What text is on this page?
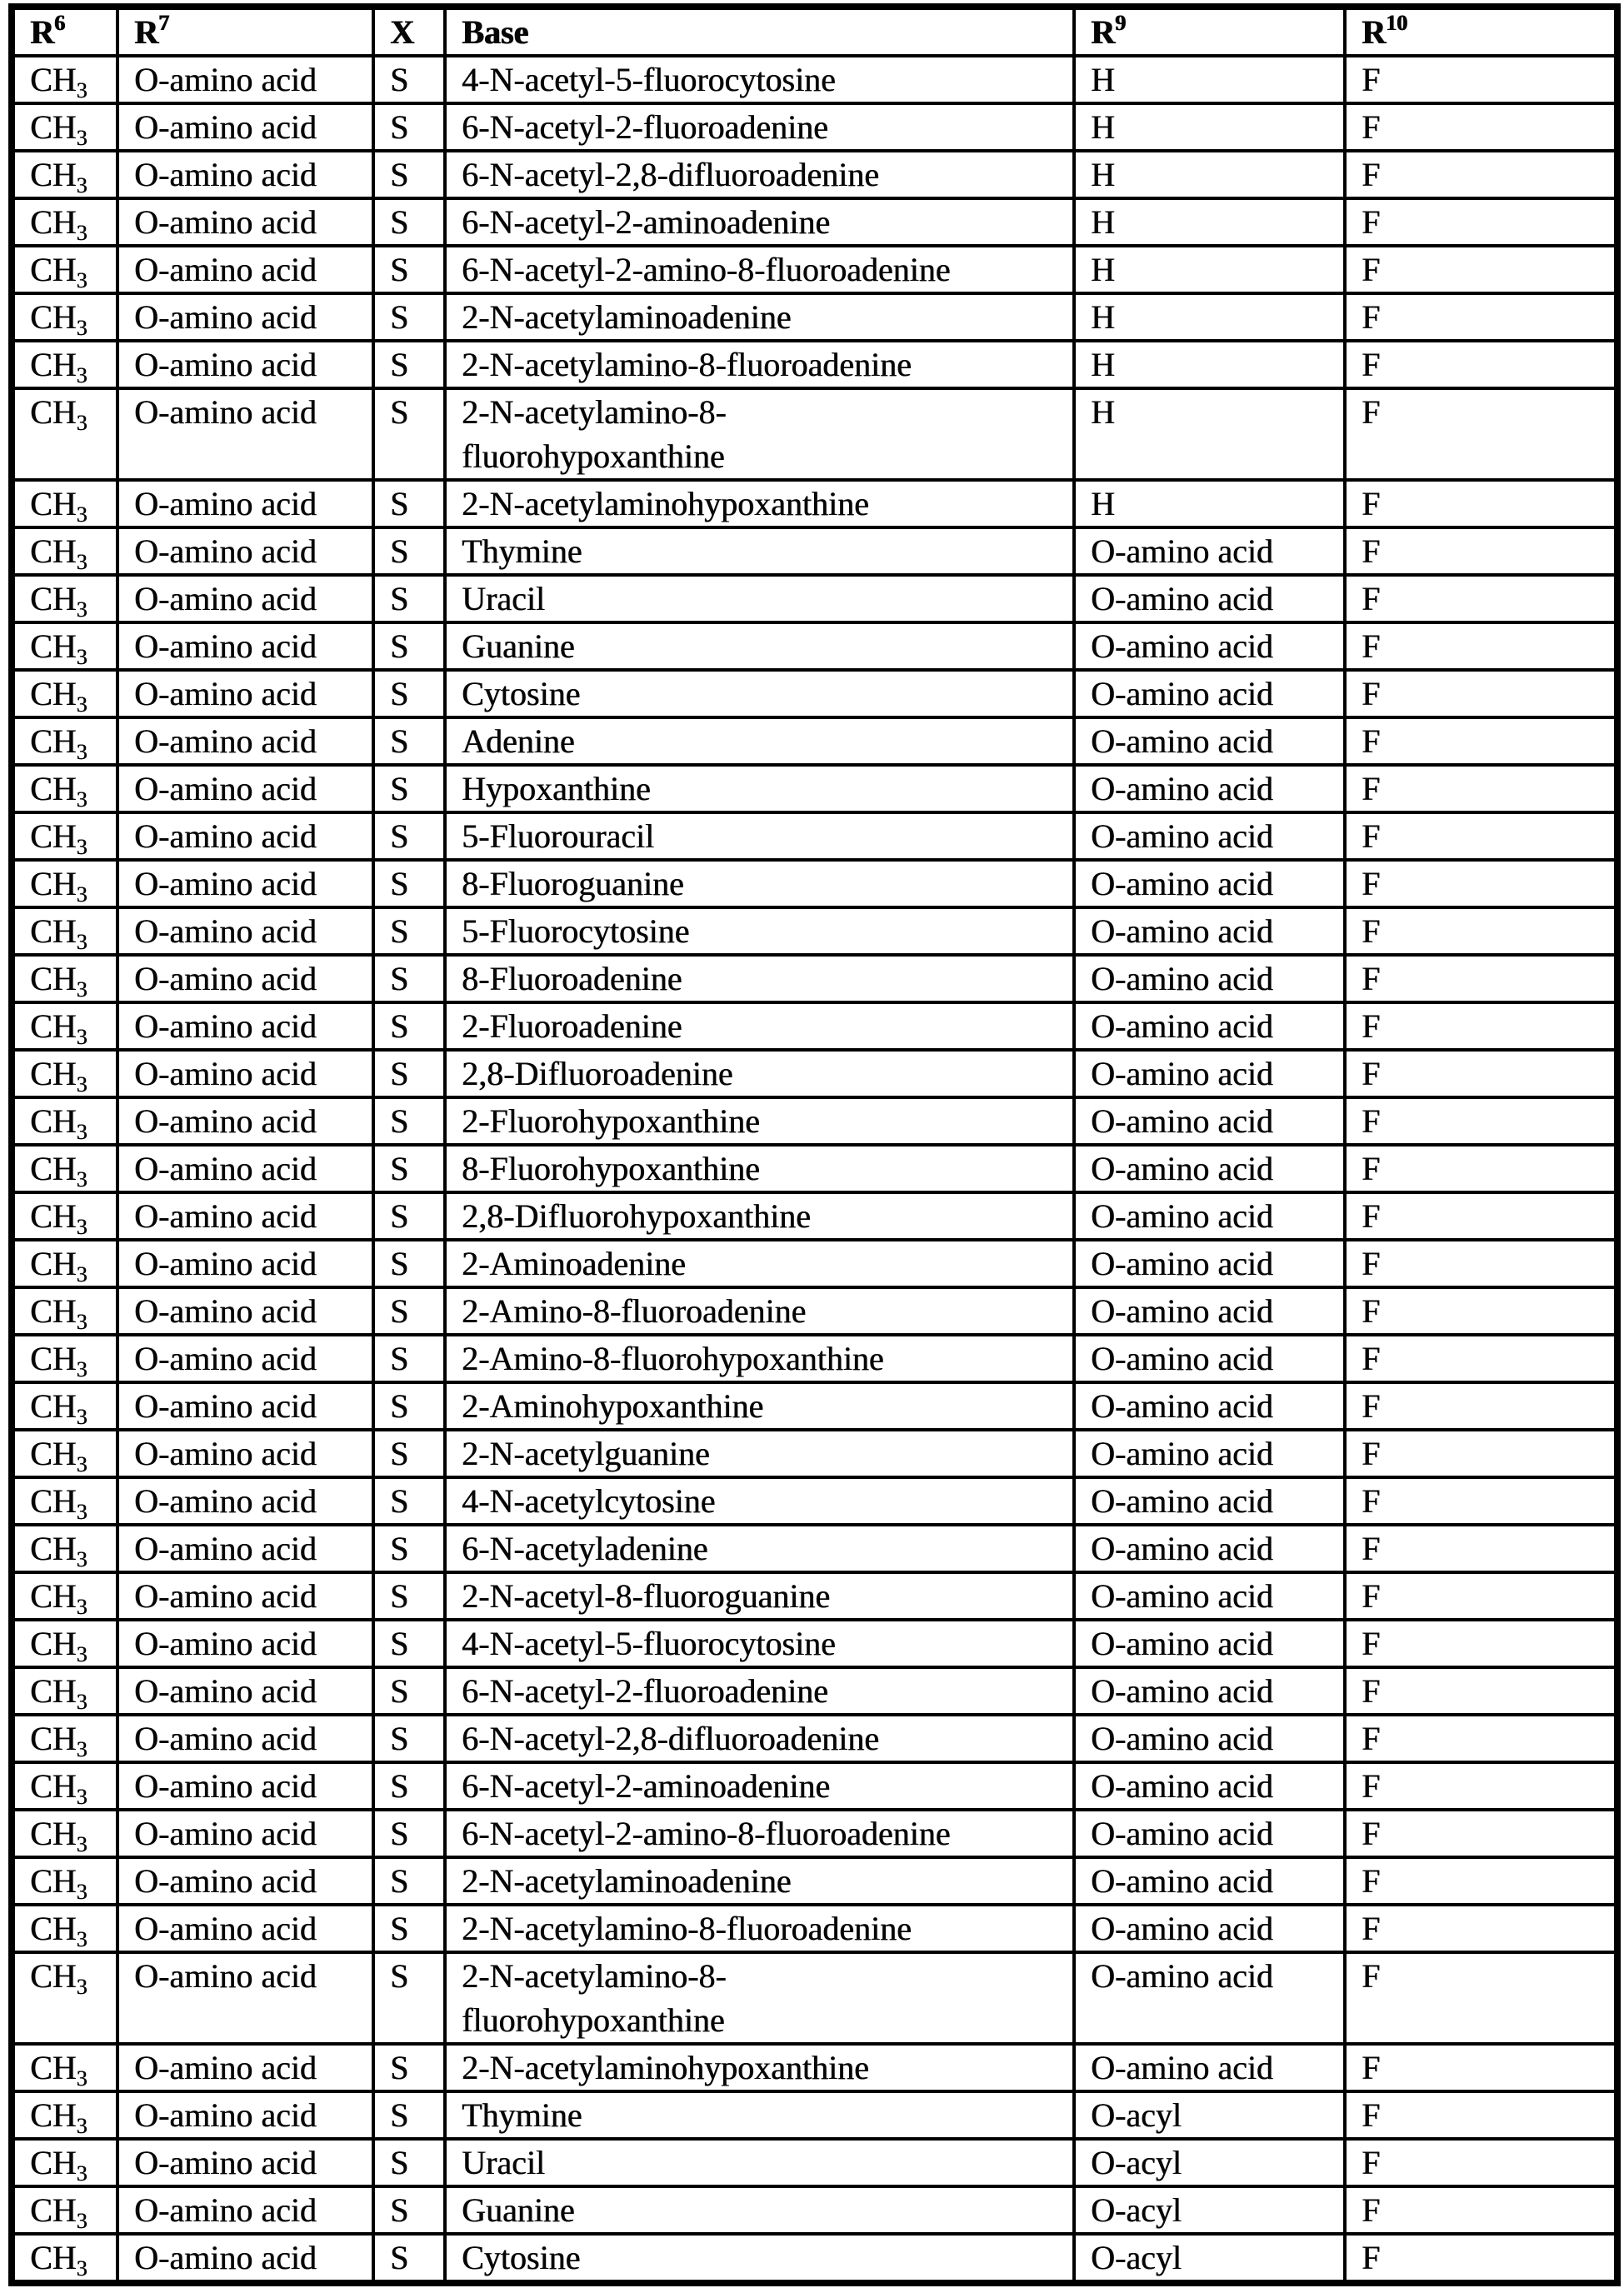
$R^6$	$R^7$	X	Base	$R^9$	$R^{10}$
$CH_3$	O-amino acid	S	4-N-acetyl-5-fluorocytosine	H	F
$CH_3$	O-amino acid	S	6-N-acetyl-2-fluoroadenine	H	F
$CH_3$	O-amino acid	S	6-N-acetyl-2,8-difluoroadenine	H	F
$CH_3$	O-amino acid	S	6-N-acetyl-2-aminoadenine	H	F
$CH_3$	O-amino acid	S	6-N-acetyl-2-amino-8-fluoroadenine	H	F
$CH_3$	O-amino acid	S	2-N-acetylaminoadenine	H	F
$CH_3$	O-amino acid	S	2-N-acetylamino-8-fluoroadenine	H	F
$CH_3$	O-amino acid	S	2-N-acetylamino-8-
fluorohypoxanthine	H	F
$CH_3$	O-amino acid	S	2-N-acetylaminohypoxanthine	H	F
$CH_3$	O-amino acid	S	Thymine	O-amino acid	F
$CH_3$	O-amino acid	S	Uracil	O-amino acid	F
$CH_3$	O-amino acid	S	Guanine	O-amino acid	F
$CH_3$	O-amino acid	S	Cytosine	O-amino acid	F
$CH_3$	O-amino acid	S	Adenine	O-amino acid	F
$CH_3$	O-amino acid	S	Hypoxanthine	O-amino acid	F
$CH_3$	O-amino acid	S	5-Fluorouracil	O-amino acid	F
$CH_3$	O-amino acid	S	8-Fluoroguanine	O-amino acid	F
$CH_3$	O-amino acid	S	5-Fluorocytosine	O-amino acid	F
$CH_3$	O-amino acid	S	8-Fluoroadenine	O-amino acid	F
$CH_3$	O-amino acid	S	2-Fluoroadenine	O-amino acid	F
$CH_3$	O-amino acid	S	2,8-Difluoroadenine	O-amino acid	F
$CH_3$	O-amino acid	S	2-Fluorohypoxanthine	O-amino acid	F
$CH_3$	O-amino acid	S	8-Fluorohypoxanthine	O-amino acid	F
$CH_3$	O-amino acid	S	2,8-Difluorohypoxanthine	O-amino acid	F
$CH_3$	O-amino acid	S	2-Aminoadenine	O-amino acid	F
$CH_3$	O-amino acid	S	2-Amino-8-fluoroadenine	O-amino acid	F
$CH_3$	O-amino acid	S	2-Amino-8-fluorohypoxanthine	O-amino acid	F
$CH_3$	O-amino acid	S	2-Aminohypoxanthine	O-amino acid	F
$CH_3$	O-amino acid	S	2-N-acetylguanine	O-amino acid	F
$CH_3$	O-amino acid	S	4-N-acetylcytosine	O-amino acid	F
$CH_3$	O-amino acid	S	6-N-acetyladenine	O-amino acid	F
$CH_3$	O-amino acid	S	2-N-acetyl-8-fluoroguanine	O-amino acid	F
$CH_3$	O-amino acid	S	4-N-acetyl-5-fluorocytosine	O-amino acid	F
$CH_3$	O-amino acid	S	6-N-acetyl-2-fluoroadenine	O-amino acid	F
$CH_3$	O-amino acid	S	6-N-acetyl-2,8-difluoroadenine	O-amino acid	F
$CH_3$	O-amino acid	S	6-N-acetyl-2-aminoadenine	O-amino acid	F
$CH_3$	O-amino acid	S	6-N-acetyl-2-amino-8-fluoroadenine	O-amino acid	F
$CH_3$	O-amino acid	S	2-N-acetylaminoadenine	O-amino acid	F
$CH_3$	O-amino acid	S	2-N-acetylamino-8-fluoroadenine	O-amino acid	F
$CH_3$	O-amino acid	S	2-N-acetylamino-8-
fluorohypoxanthine	O-amino acid	F
$CH_3$	O-amino acid	S	2-N-acetylaminohypoxanthine	O-amino acid	F
$CH_3$	O-amino acid	S	Thymine	O-acyl	F
$CH_3$	O-amino acid	S	Uracil	O-acyl	F
$CH_3$	O-amino acid	S	Guanine	O-acyl	F
$CH_3$	O-amino acid	S	Cytosine	O-acyl	F
